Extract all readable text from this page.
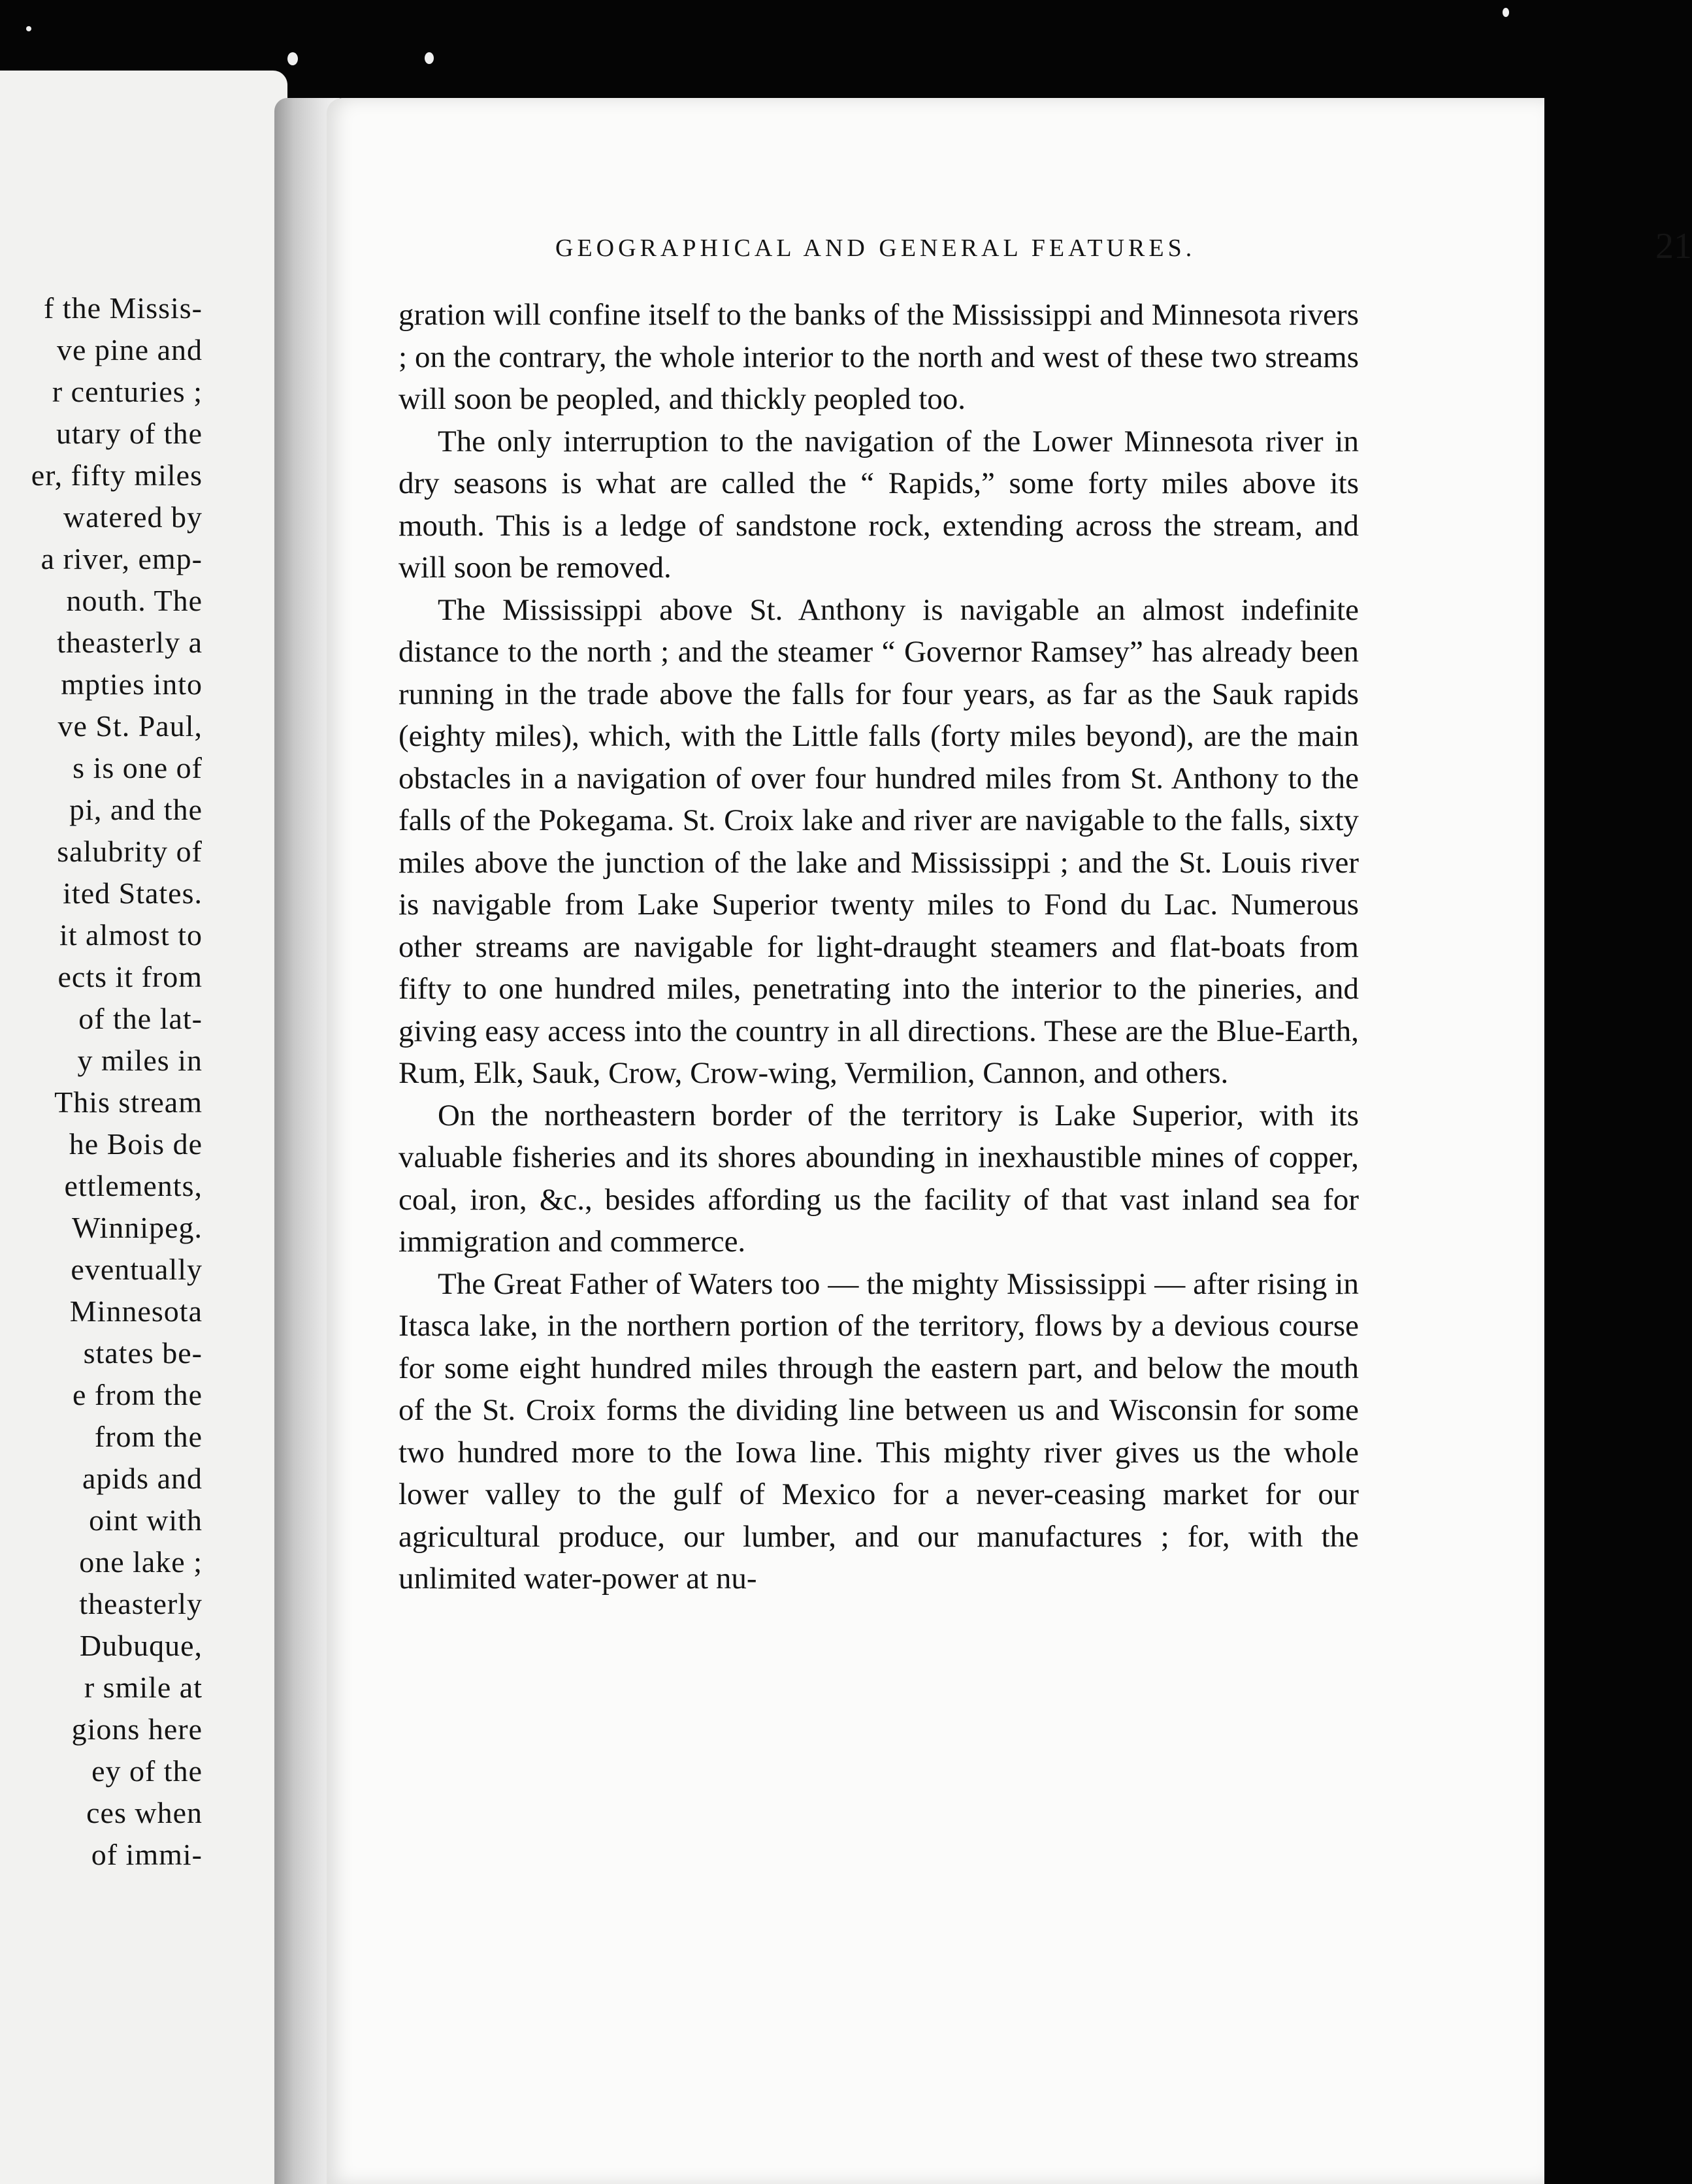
f the Missis-
ve pine and
r centuries ;
utary of the
er, fifty miles
watered by
a river, emp-
nouth. The
theasterly a
mpties into
ve St. Paul,
s is one of
pi, and the
salubrity of
ited States.
it almost to
ects it from
of the lat-
y miles in
This stream
he Bois de
ettlements,
Winnipeg.
eventually
Minnesota
states be-
e from the
from the
apids and
oint with
one lake ;
theasterly
Dubuque,
r smile at
gions here
ey of the
ces when
of immi-
GEOGRAPHICAL AND GENERAL FEATURES.	21

gration will confine itself to the banks of the Mississippi and Minnesota rivers ; on the contrary, the whole interior to the north and west of these two streams will soon be peopled, and thickly peopled too.

The only interruption to the navigation of the Lower Minnesota river in dry seasons is what are called the “ Rapids,” some forty miles above its mouth. This is a ledge of sandstone rock, extending across the stream, and will soon be removed.

The Mississippi above St. Anthony is navigable an almost indefinite distance to the north ; and the steamer “ Governor Ramsey” has already been running in the trade above the falls for four years, as far as the Sauk rapids (eighty miles), which, with the Little falls (forty miles beyond), are the main obstacles in a navigation of over four hundred miles from St. Anthony to the falls of the Pokegama. St. Croix lake and river are navigable to the falls, sixty miles above the junction of the lake and Mississippi ; and the St. Louis river is navigable from Lake Superior twenty miles to Fond du Lac. Numerous other streams are navigable for light-draught steamers and flat-boats from fifty to one hundred miles, penetrating into the interior to the pineries, and giving easy access into the country in all directions. These are the Blue-Earth, Rum, Elk, Sauk, Crow, Crow-wing, Vermilion, Cannon, and others.

On the northeastern border of the territory is Lake Superior, with its valuable fisheries and its shores abounding in inexhaustible mines of copper, coal, iron, &c., besides affording us the facility of that vast inland sea for immigration and commerce.

The Great Father of Waters too — the mighty Mississippi — after rising in Itasca lake, in the northern portion of the territory, flows by a devious course for some eight hundred miles through the eastern part, and below the mouth of the St. Croix forms the dividing line between us and Wisconsin for some two hundred more to the Iowa line. This mighty river gives us the whole lower valley to the gulf of Mexico for a never-ceasing market for our agricultural produce, our lumber, and our manufactures ; for, with the unlimited water-power at nu-
